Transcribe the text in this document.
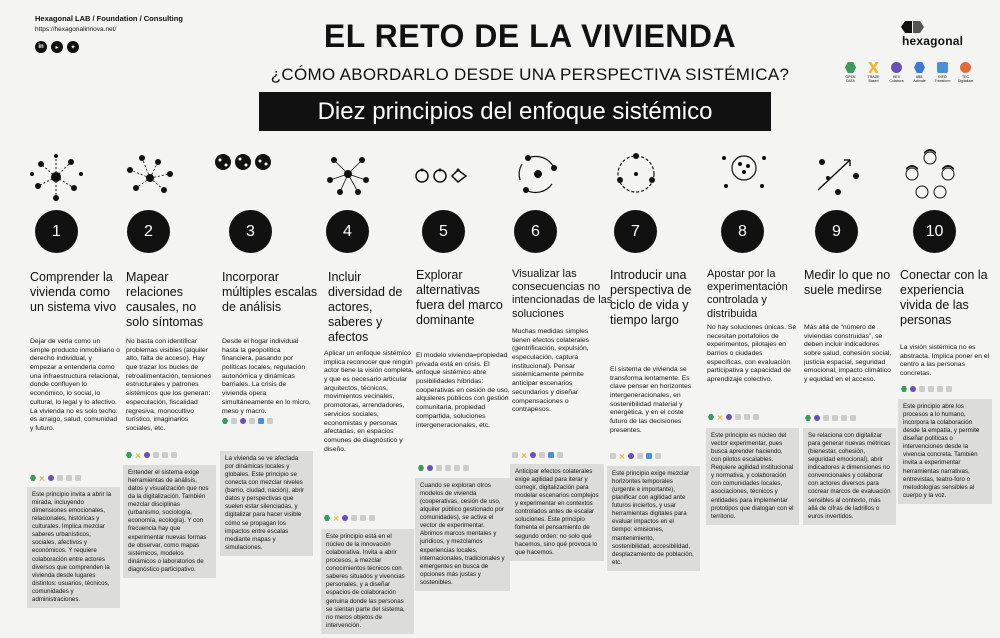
Hexagonal LAB / Foundation / Consulting
https://hexagonalinnova.net/
in	▸	✦	EL RETO DE LA VIVIENDA
¿CÓMO ABORDARLO DESDE UNA PERSPECTIVA SISTÉMICA?
Diez principios del enfoque sistémico
hexagonal
OPEN
DATA
TRADE
Based
HEX
Colabora
ABIL
Activate
INFO
Transform
TEC
Digitalizar
1
Comprender la vivienda como un sistema vivo
Dejar de verla como un simple producto inmobiliario o derecho individual, y empezar a entenderla como una infraestructura relacional, donde confluyen lo económico, lo social, lo cultural, lo legal y lo afectivo. La vivienda no es solo techo: es arraigo, salud, comunidad y futuro.
Este principio invita a abrir la mirada, incluyendo dimensiones emocionales, relacionales, históricas y culturales. Implica mezclar saberes urbanísticos, sociales, afectivos y económicos. Y requiere colaboración entre actores diversos que comprenden la vivienda desde lugares distintos: usuarios, técnicos, comunidades y administraciones.
2
Mapear relaciones causales, no solo síntomas
No basta con identificar problemas visibles (alquiler alto, falta de acceso). Hay que trazar los bucles de retroalimentación, tensiones estructurales y patrones sistémicos que los generan: especulación, fiscalidad regresiva, monocultivo turístico, imaginarios sociales, etc.
Entender el sistema exige herramientas de análisis, datos y visualización que nos da la digitalización. También mezclar disciplinas (urbanismo, sociología, economía, ecología). Y con frecuencia hay que experimentar nuevas formas de observar, como mapas sistémicos, modelos dinámicos o laboratorios de diagnóstico participativo.
3
Incorporar múltiples escalas de análisis
Desde el hogar individual hasta la geopolítica financiera, pasando por políticas locales, regulación autonómica y dinámicas barriales. La crisis de vivienda opera simultáneamente en lo micro, meso y macro.
La vivienda se ve afectada por dinámicas locales y globales. Este principio se conecta con mezclar niveles (barrio, ciudad, nación), abrir datos y perspectivas que suelen estar silenciadas, y digitalizar para hacer visible cómo se propagan los impactos entre escalas mediante mapas y simulaciones.
4
Incluir diversidad de actores, saberes y afectos
Aplicar un enfoque sistémico implica reconocer que ningún actor tiene la visión completa, y que es necesario articular arquitectos, técnicos, movimientos vecinales, promotoras, arrendadores, servicios sociales, economistas y personas afectadas, en espacios comunes de diagnóstico y diseño.
Este principio está en el núcleo de la innovación colaborativa. Invita a abrir procesos, a mezclar conocimientos técnicos con saberes situados y vivencias personales, y a diseñar espacios de colaboración genuina donde las personas se sientan parte del sistema, no meros objetos de intervención.
5
Explorar alternativas fuera del marco dominante
El modelo vivienda=propiedad privada está en crisis. El enfoque sistémico abre posibilidades híbridas: cooperativas en cesión de uso, alquileres públicos con gestión comunitaria, propiedad compartida, soluciones intergeneracionales, etc.
Cuando se exploran otros modelos de vivienda (cooperativas, cesión de uso, alquiler público gestionado por comunidades), se activa el vector de experimentar. Abrimos marcos mentales y jurídicos, y mezclamos experiencias locales, internacionales, tradicionales y emergentes en busca de opciones más justas y sostenibles.
6
Visualizar las consecuencias no intencionadas de las soluciones
Muchas medidas simples tienen efectos colaterales (gentrificación, expulsión, especulación, captura institucional). Pensar sistémicamente permite anticipar escenarios secundarios y diseñar compensaciones o contrapesos.
Anticipar efectos colaterales exige agilidad para iterar y corregir, digitalización para modelar escenarios complejos y experimentar en contextos controlados antes de escalar soluciones. Este principio fomenta el pensamiento de segundo orden: no solo qué hacemos, sino qué provoca lo que hacemos.
7
Introducir una perspectiva de ciclo de vida y tiempo largo
El sistema de vivienda se transforma lentamente. Es clave pensar en horizontes intergeneracionales, en sostenibilidad material y energética, y en el coste futuro de las decisiones presentes.
Este principio exige mezclar horizontes temporales (urgente e importante), planificar con agilidad ante futuros inciertos, y usar herramientas digitales para evaluar impactos en el tiempo: emisiones, mantenimiento, sostenibilidad, accesibilidad, desplazamiento de población, etc.
8
Apostar por la experimentación controlada y distribuida
No hay soluciones únicas. Se necesitan portafolios de experimentos, pilotajes en barrios o ciudades específicas, con evaluación participativa y capacidad de aprendizaje colectivo.
Este principio es núcleo del vector experimentar, pues busca aprender haciendo, con pilotos escalables. Requiere agilidad institucional y normativa, y colaboración con comunidades locales, asociaciones, técnicos y entidades para implementar prototipos que dialogan con el territorio.
9
Medir lo que no suele medirse
Más allá de “número de viviendas construidas”, se deben incluir indicadores sobre salud, cohesión social, justicia espacial, seguridad emocional, impacto climático y equidad en el acceso.
Se relaciona con digitalizar para generar nuevas métricas (bienestar, cohesión, seguridad emocional), abrir indicadores a dimensiones no convencionales y colaborar con actores diversos para cocrear marcos de evaluación sensibles al contexto, más allá de cifras de ladrillos o euros invertidos.
10
Conectar con la experiencia vivida de las personas
La visión sistémica no es abstracta. Implica poner en el centro a las personas concretas.
Este principio abre los procesos a lo humano, incorpora la colaboración desde la empatía, y permite diseñar políticas o intervenciones desde la vivencia concreta. También invita a experimentar herramientas narrativas, entrevistas, teatro-foro o metodologías sensibles al cuerpo y la voz.
